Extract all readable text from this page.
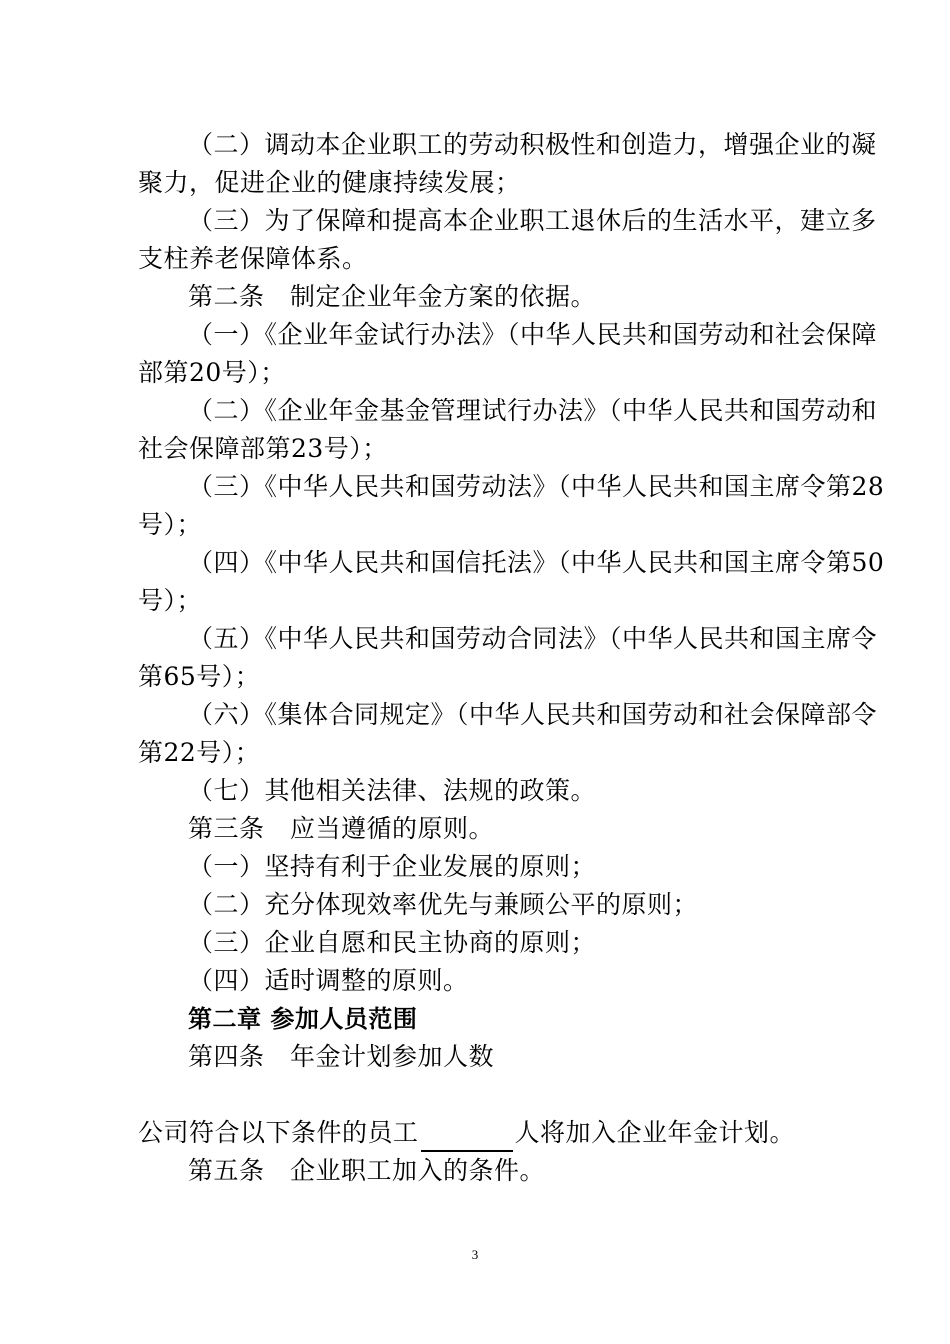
（二）调动本企业职工的劳动积极性和创造力，增强企业的凝
聚力，促进企业的健康持续发展；
（三）为了保障和提高本企业职工退休后的生活水平，建立多
支柱养老保障体系。
第二条　制定企业年金方案的依据。
（一）《企业年金试行办法》（中华人民共和国劳动和社会保障
部第20号）；
（二）《企业年金基金管理试行办法》（中华人民共和国劳动和
社会保障部第23号）；
（三）《中华人民共和国劳动法》（中华人民共和国主席令第28
号）；
（四）《中华人民共和国信托法》（中华人民共和国主席令第50
号）；
（五）《中华人民共和国劳动合同法》（中华人民共和国主席令
第65号）；
（六）《集体合同规定》（中华人民共和国劳动和社会保障部令
第22号）；
（七）其他相关法律、法规的政策。
第三条　应当遵循的原则。
（一）坚持有利于企业发展的原则；
（二）充分体现效率优先与兼顾公平的原则；
（三）企业自愿和民主协商的原则；
（四）适时调整的原则。
第二章 参加人员范围
第四条　年金计划参加人数
公司符合以下条件的员工	人将加入企业年金计划。
第五条　企业职工加入的条件。
3
